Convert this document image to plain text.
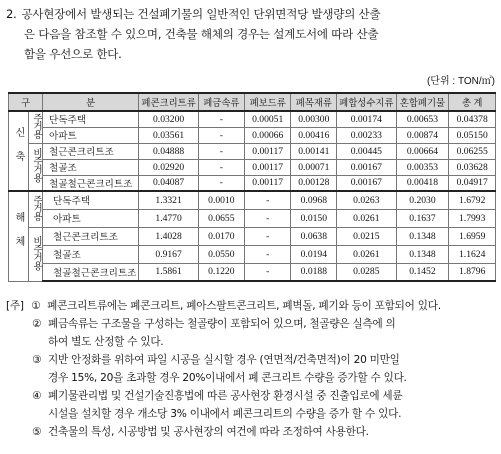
2. 공사현장에서 발생되는 건설폐기물의 일반적인 단위면적당 발생량의 산출
은 다음을 참조할 수 있으며, 건축물 해체의 경우는 설계도서에 따라 산출
함을 우선으로 한다.
(단위 : TON/㎡)
구		분	폐콘크리트류	폐금속류	폐보드류	폐목재류	폐합성수지류	혼합폐기물	총 계
신축	주거용	단독주택	0.03200	-	0.00051	0.00300	0.00174	0.00653	0.04378
		아파트	0.03561	-	0.00066	0.00416	0.00233	0.00874	0.05150
	비주거용	철근콘크리트조	0.04888	-	0.00117	0.00141	0.00445	0.00664	0.06255
		철골조	0.02920	-	0.00117	0.00071	0.00167	0.00353	0.03628
		철골철근콘크리트조	0.04087	-	0.00117	0.00128	0.00167	0.00418	0.04917
해체	주거용	단독주택	1.3321	0.0010	-	0.0968	0.0263	0.2030	1.6792
		아파트	1.4770	0.0655	-	0.0150	0.0261	0.1637	1.7993
	비주거용	철근콘크리트조	1.4028	0.0170	-	0.0638	0.0215	0.1348	1.6959
		철골조	0.9167	0.0550	-	0.0194	0.0261	0.1348	1.1624
		철골철근콘크리트조	1.5861	0.1220	-	0.0188	0.0285	0.1452	1.8796
[주] ① 폐콘크리트류에는 폐콘크리트, 폐아스팔트콘크리트, 폐벽돌, 폐기와 등이 포함되어 있다.
② 폐금속류는 구조물을 구성하는 철골량이 포함되어 있으며, 철골량은 실측에 의
하여 별도 산정할 수 있다.
③ 지반 안정화를 위하여 파일 시공을 실시할 경우 (연면적/건축면적)이 20 미만일
경우 15%, 20을 초과할 경우 20%이내에서 폐 콘크리트 수량을 증가할 수 있다.
④ 폐기물관리법 및 건설기술진흥법에 따른 공사현장 환경시설 중 진출입로에 세륜
시설을 설치할 경우 개소당 3% 이내에서 폐콘크리트의 수량을 증가 할 수 있다.
⑤ 건축물의 특성, 시공방법 및 공사현장의 여건에 따라 조정하여 사용한다.
